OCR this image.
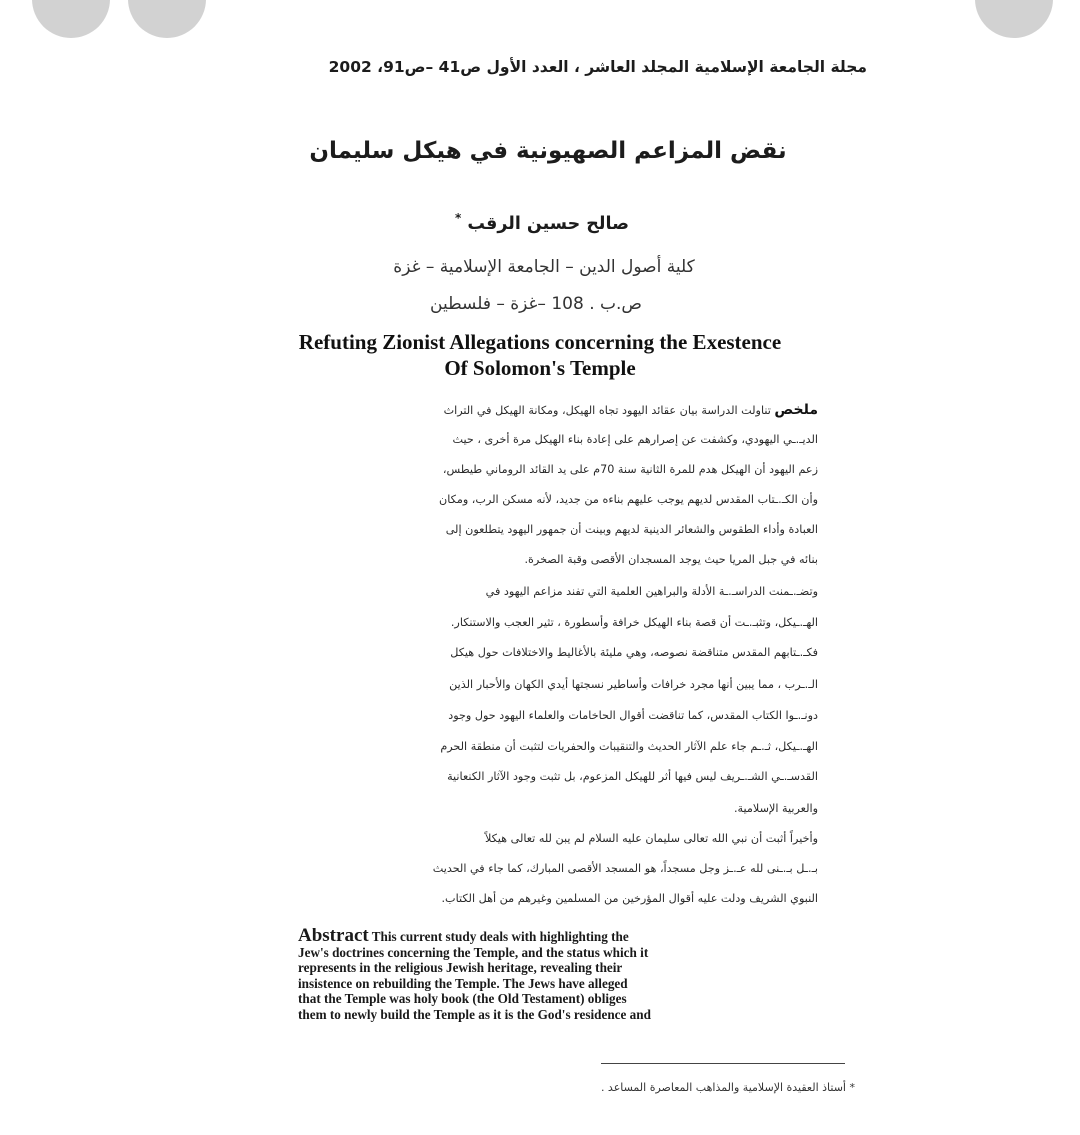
مجلة الجامعة الإسلامية المجلد العاشر ، العدد الأول ص41 –ص91، 2002
نقض المزاعم الصهيونية في هيكل سليمان
صالح حسين الرقب *
كلية أصول الدين – الجامعة الإسلامية – غزة
ص.ب . 108 –غزة – فلسطين
Refuting Zionist Allegations concerning the Exestence
Of Solomon's Temple
ملخص تناولت الدراسة بيان عقائد اليهود تجاه الهيكل، ومكانة الهيكل في التراث
الديـ.ـي اليهودي، وكشفت عن إصرارهم على إعادة بناء الهيكل مرة أخرى ، حيث
زعم اليهود أن الهيكل هدم للمرة الثانية سنة 70م على يد القائد الروماني طيطس،
وأن الكـ.ـتاب المقدس لديهم يوجب عليهم بناءه من جديد، لأنه مسكن الرب، ومكان
العبادة وأداء الطقوس والشعائر الدينية لديهم وبينت أن جمهور اليهود يتطلعون إلى
بنائه في جبل المريا حيث يوجد المسجدان الأقصى وقبة الصخرة.
وتضـ.ـمنت الدراسـ.ـة الأدلة والبراهين العلمية التي تفند مزاعم اليهود في
الهـ.ـيكل، وتثبـ.ـت أن قصة بناء الهيكل خرافة وأسطورة ، تثير العجب والاستنكار.
فكـ.ـتابهم المقدس متناقضة نصوصه، وهي مليئة بالأغاليط والاختلافات حول هيكل
الـ.ـرب ، مما يبين أنها مجرد خرافات وأساطير نسجتها أيدي الكهان والأحبار الذين
دونـ.ـوا الكتاب المقدس، كما تناقضت أقوال الحاخامات والعلماء اليهود حول وجود
الهـ.ـيكل، ثـ.ـم جاء علم الآثار الحديث والتنقيبات والحفريات لتثبت أن منطقة الحرم
القدسـ.ـي الشـ.ـريف ليس فيها أثر للهيكل المزعوم، بل تثبت وجود الآثار الكنعانية
والعربية الإسلامية.
وأخيراً أثبت أن نبي الله تعالى سليمان عليه السلام لم يبن لله تعالى هيكلاً
بـ.ـل بـ.ـنى لله عـ.ـز وجل مسجداً، هو المسجد الأقصى المبارك، كما جاء في الحديث
النبوي الشريف ودلت عليه أقوال المؤرخين من المسلمين وغيرهم من أهل الكتاب.
Abstract This current study deals with highlighting the
Jew's doctrines concerning the Temple, and the status which it
represents in the religious Jewish heritage, revealing their
insistence on rebuilding the Temple. The Jews have alleged
that the Temple was holy book (the Old Testament) obliges
them to newly build the Temple as it is the God's residence and
* أستاذ العقيدة الإسلامية والمذاهب المعاصرة المساعد .
